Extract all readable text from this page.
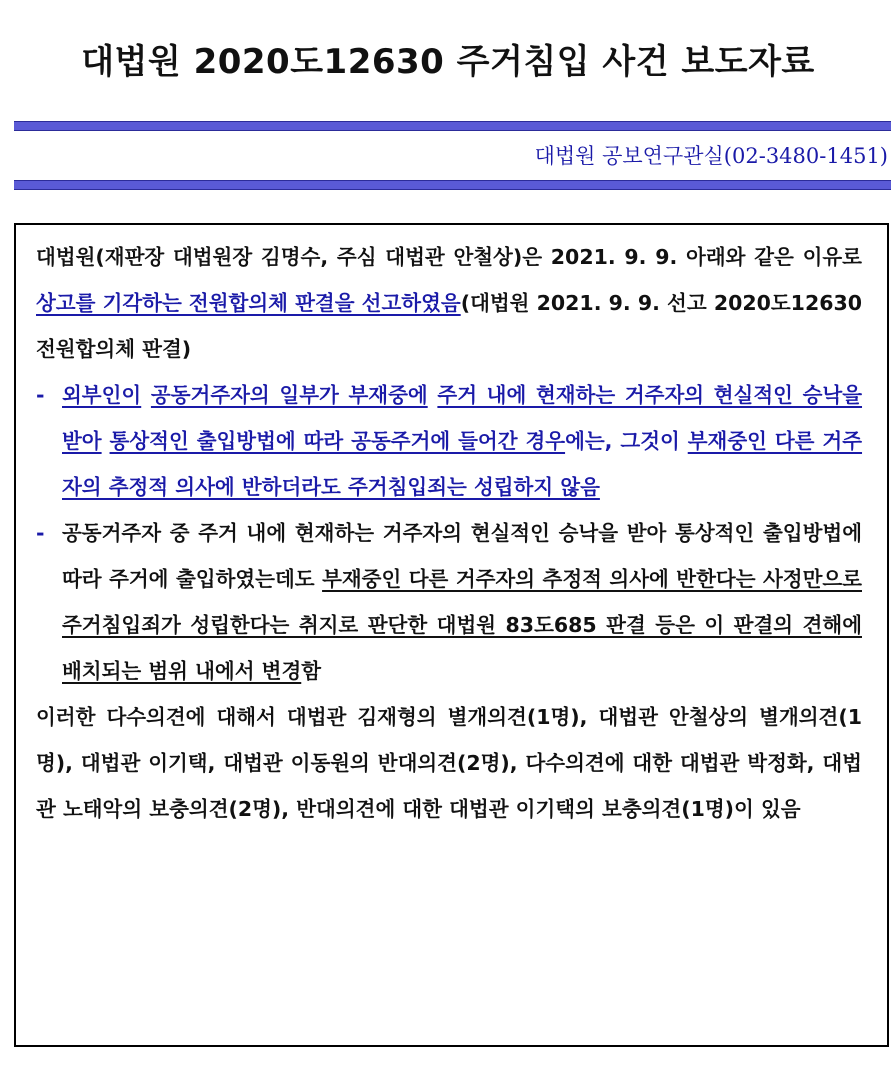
대법원 2020도12630 주거침입 사건 보도자료
대법원 공보연구관실(02-3480-1451)
대법원(재판장 대법원장 김명수, 주심 대법관 안철상)은 2021. 9. 9. 아래와 같은 이유로 상고를 기각하는 전원합의체 판결을 선고하였음(대법원 2021. 9. 9. 선고 2020도12630 전원합의체 판결)
- 외부인이 공동거주자의 일부가 부재중에 주거 내에 현재하는 거주자의 현실적인 승낙을 받아 통상적인 출입방법에 따라 공동주거에 들어간 경우에는, 그것이 부재중인 다른 거주자의 추정적 의사에 반하더라도 주거침입죄는 성립하지 않음
- 공동거주자 중 주거 내에 현재하는 거주자의 현실적인 승낙을 받아 통상적인 출입방법에 따라 주거에 출입하였는데도 부재중인 다른 거주자의 추정적 의사에 반한다는 사정만으로 주거침입죄가 성립한다는 취지로 판단한 대법원 83도685 판결 등은 이 판결의 견해에 배치되는 범위 내에서 변경함
이러한 다수의견에 대해서 대법관 김재형의 별개의견(1명), 대법관 안철상의 별개의견(1명), 대법관 이기택, 대법관 이동원의 반대의견(2명), 다수의견에 대한 대법관 박정화, 대법관 노태악의 보충의견(2명), 반대의견에 대한 대법관 이기택의 보충의견(1명)이 있음
